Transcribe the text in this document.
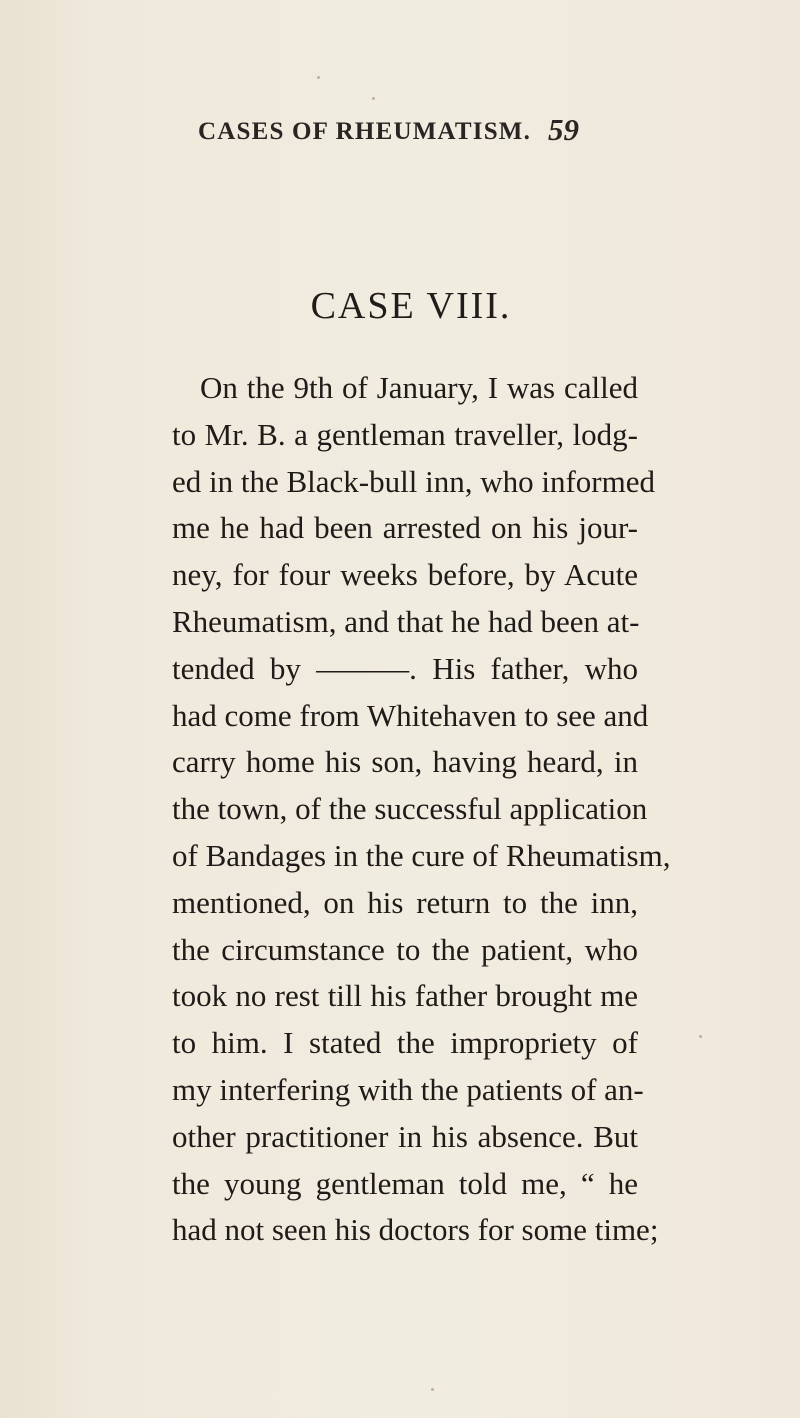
CASES OF RHEUMATISM. 59
CASE VIII.
On the 9th of January, I was called
to Mr. B. a gentleman traveller, lodg-
ed in the Black-bull inn, who informed
me he had been arrested on his jour-
ney, for four weeks before, by Acute
Rheumatism, and that he had been at-
tended by ———. His father, who
had come from Whitehaven to see and
carry home his son, having heard, in
the town, of the successful application
of Bandages in the cure of Rheumatism,
mentioned, on his return to the inn,
the circumstance to the patient, who
took no rest till his father brought me
to him. I stated the impropriety of
my interfering with the patients of an-
other practitioner in his absence. But
the young gentleman told me, “ he
had not seen his doctors for some time;
